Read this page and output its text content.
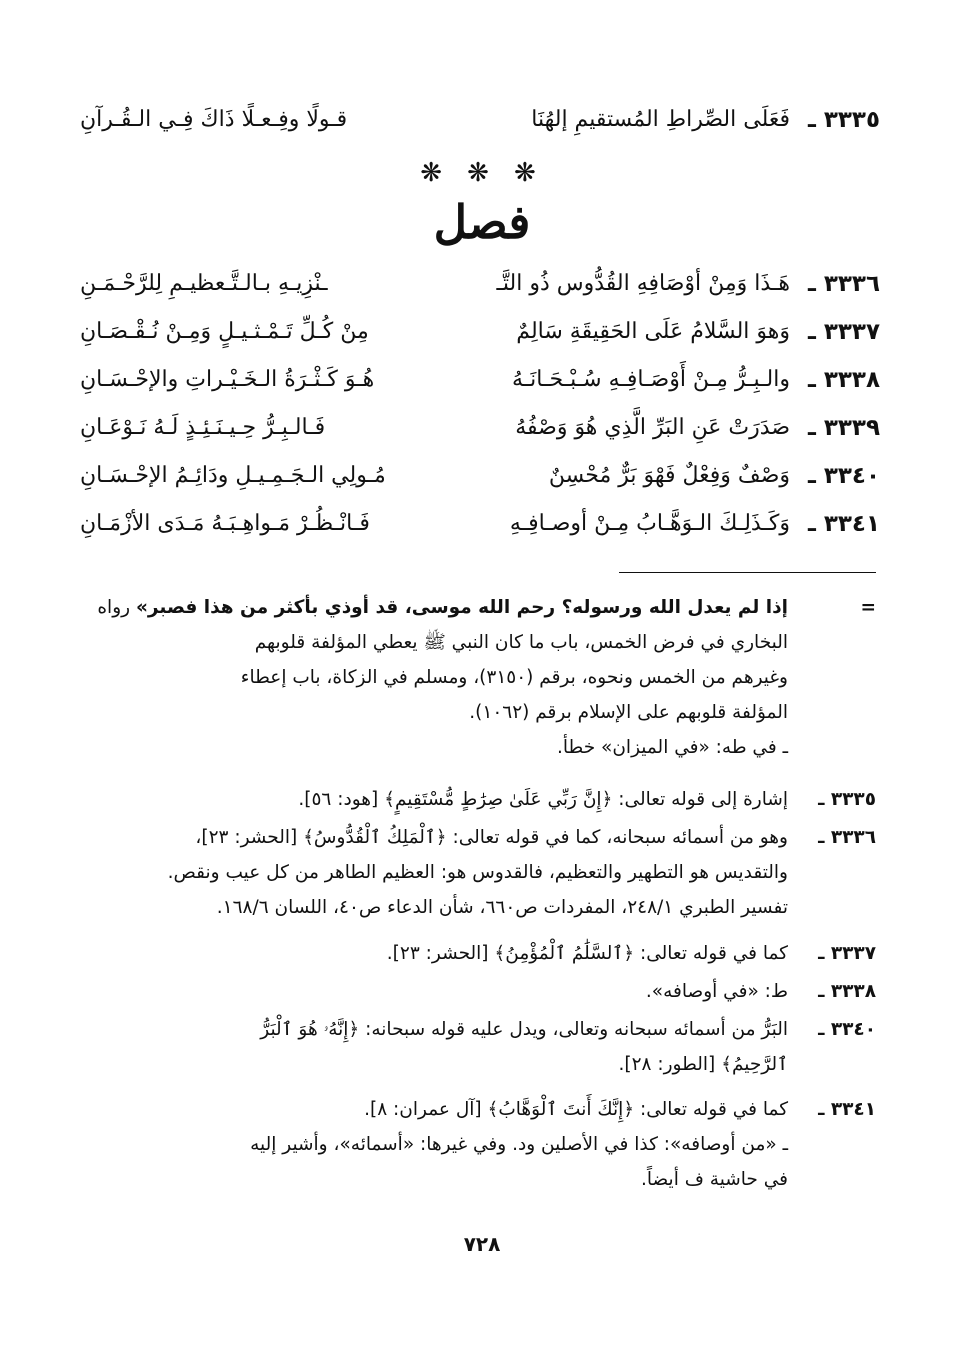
٣٣٣٥ ـ
فَعَلَى الصِّراطِ المُستقيمِ إلهُنَا
قـولًا وفِـعـلًا ذَاكَ فِـي الـقُـرآنِ
❋ ❋ ❋
فصل
٣٣٣٦ ـ
هَـذَا وَمِنْ أوْصَافِهِ القُدُّوس ذُو التَّـ
ـنْزِيـهِ بـالـتَّـعظيـمِ لِلرَّحْـمَـنِ
٣٣٣٧ ـ
وَهوَ السَّلامُ عَلَى الحَقِيقَةِ سَالِمٌ
مِنْ كُـلِّ تَـمْـثـيـلٍ وَمِـنْ نُـقْـصَـانِ
٣٣٣٨ ـ
والـبِـرُّ مِـنْ أَوْصَـافِـهِ سُـبْـحَـانَـهُ
هُـوَ كَـثْـرَةُ الـخَـيْـراتِ والإحْـسَـانِ
٣٣٣٩ ـ
صَدَرَتْ عَنِ البَرِّ الَّذِي هُوَ وَصْفُهُ
فَـالـبِـرُّ حِـيـنَـئِـذٍ لَـهُ نَـوْعَـانِ
٣٣٤٠ ـ
وَصْفٌ وَفِعْلٌ فَهْوَ بَرٌّ مُحْسِنٌ
مُـولِي الـجَـمِـيـلِ ودَائِـمُ الإحْـسَـانِ
٣٣٤١ ـ
وَكَـذَلِـكَ الـوَهَّـابُ مِـنْ أوصـافِـهِ
فَـانْـظُـرْ مَـواهِـبَـهُ مَـدَى الأزْمَـانِ
=
إذا لم يعدل الله ورسوله؟ رحم الله موسى، قد أوذي بأكثر من هذا فصبر» رواه البخاري في فرض الخمس، باب ما كان النبي ﷺ يعطي المؤلفة قلوبهم
وغيرهم من الخمس ونحوه، برقم (٣١٥٠)، ومسلم في الزكاة، باب إعطاء
المؤلفة قلوبهم على الإسلام برقم (١٠٦٢).
ـ في طه: «في الميزان» خطأ.
٣٣٣٥ ـ
إشارة إلى قوله تعالى: ﴿إِنَّ رَبِّي عَلَىٰ صِرَٰطٍ مُّسْتَقِيمٍ﴾ [هود: ٥٦].
٣٣٣٦ ـ
وهو من أسمائه سبحانه، كما في قوله تعالى: ﴿ٱلْمَلِكُ ٱلْقُدُّوسُ﴾ [الحشر: ٢٣]،
والتقديس هو التطهير والتعظيم، فالقدوس هو: العظيم الطاهر من كل عيب ونقص.
تفسير الطبري ٢٤٨/١، المفردات ص٦٦٠، شأن الدعاء ص٤٠، اللسان ١٦٨/٦.
٣٣٣٧ ـ
كما في قوله تعالى: ﴿ٱلسَّلَٰمُ ٱلْمُؤْمِنُ﴾ [الحشر: ٢٣].
٣٣٣٨ ـ
ط: «في أوصافه».
٣٣٤٠ ـ
البَرُّ من أسمائه سبحانه وتعالى، ويدل عليه قوله سبحانه: ﴿إِنَّهُۥ هُوَ ٱلْبَرُّ
ٱلرَّحِيمُ﴾ [الطور: ٢٨].
٣٣٤١ ـ
كما في قوله تعالى: ﴿إِنَّكَ أَنتَ ٱلْوَهَّابُ﴾ [آل عمران: ٨].
ـ «من أوصافه»: كذا في الأصلين ود. وفي غيرها: «أسمائه»، وأشير إليه
في حاشية ف أيضاً.
٧٢٨
